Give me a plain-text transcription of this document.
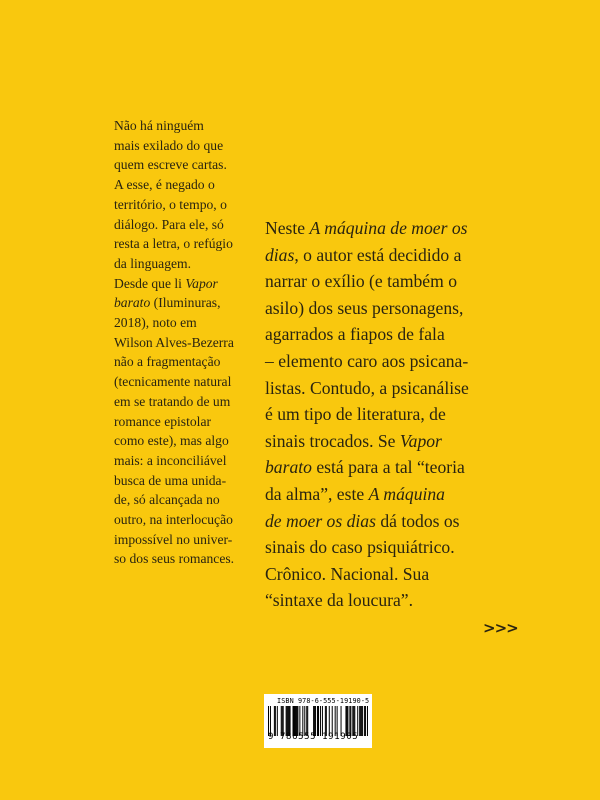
Não há ninguém
mais exilado do que
quem escreve cartas.
A esse, é negado o
território, o tempo, o
diálogo. Para ele, só
resta a letra, o refúgio
da linguagem.
Desde que li Vapor
barato (Iluminuras,
2018), noto em
Wilson Alves-Bezerra
não a fragmentação
(tecnicamente natural
em se tratando de um
romance epistolar
como este), mas algo
mais: a inconciliável
busca de uma unida-
de, só alcançada no
outro, na interlocução
impossível no univer-
so dos seus romances.
Neste A máquina de moer os
dias, o autor está decidido a
narrar o exílio (e também o
asilo) dos seus personagens,
agarrados a fiapos de fala
– elemento caro aos psicana-
listas. Contudo, a psicanálise
é um tipo de literatura, de
sinais trocados. Se Vapor
barato está para a tal “teoria
da alma”, este A máquina
de moer os dias dá todos os
sinais do caso psiquiátrico.
Crônico. Nacional. Sua
“sintaxe da loucura”.
>>>
ISBN 978-6-555-19190-5
9 786555 191905
